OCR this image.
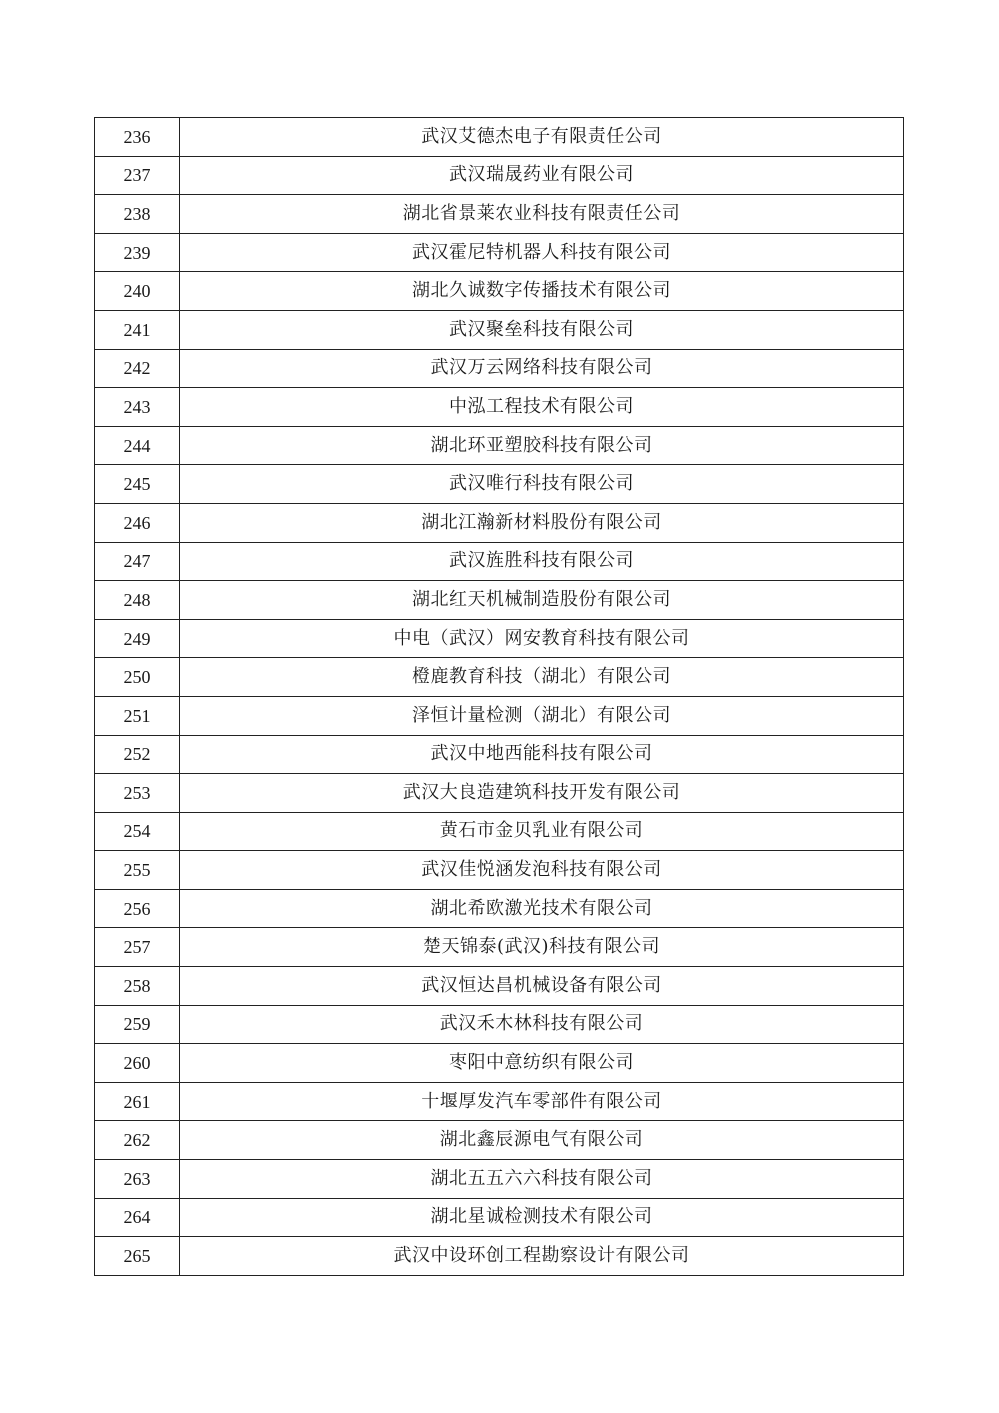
236	武汉艾德杰电子有限责任公司
237	武汉瑞晟药业有限公司
238	湖北省景莱农业科技有限责任公司
239	武汉霍尼特机器人科技有限公司
240	湖北久诚数字传播技术有限公司
241	武汉聚垒科技有限公司
242	武汉万云网络科技有限公司
243	中泓工程技术有限公司
244	湖北环亚塑胶科技有限公司
245	武汉唯行科技有限公司
246	湖北江瀚新材料股份有限公司
247	武汉旌胜科技有限公司
248	湖北红天机械制造股份有限公司
249	中电（武汉）网安教育科技有限公司
250	橙鹿教育科技（湖北）有限公司
251	泽恒计量检测（湖北）有限公司
252	武汉中地西能科技有限公司
253	武汉大良造建筑科技开发有限公司
254	黄石市金贝乳业有限公司
255	武汉佳悦涵发泡科技有限公司
256	湖北希欧激光技术有限公司
257	楚天锦泰(武汉)科技有限公司
258	武汉恒达昌机械设备有限公司
259	武汉禾木林科技有限公司
260	枣阳中意纺织有限公司
261	十堰厚发汽车零部件有限公司
262	湖北鑫辰源电气有限公司
263	湖北五五六六科技有限公司
264	湖北星诚检测技术有限公司
265	武汉中设环创工程勘察设计有限公司
